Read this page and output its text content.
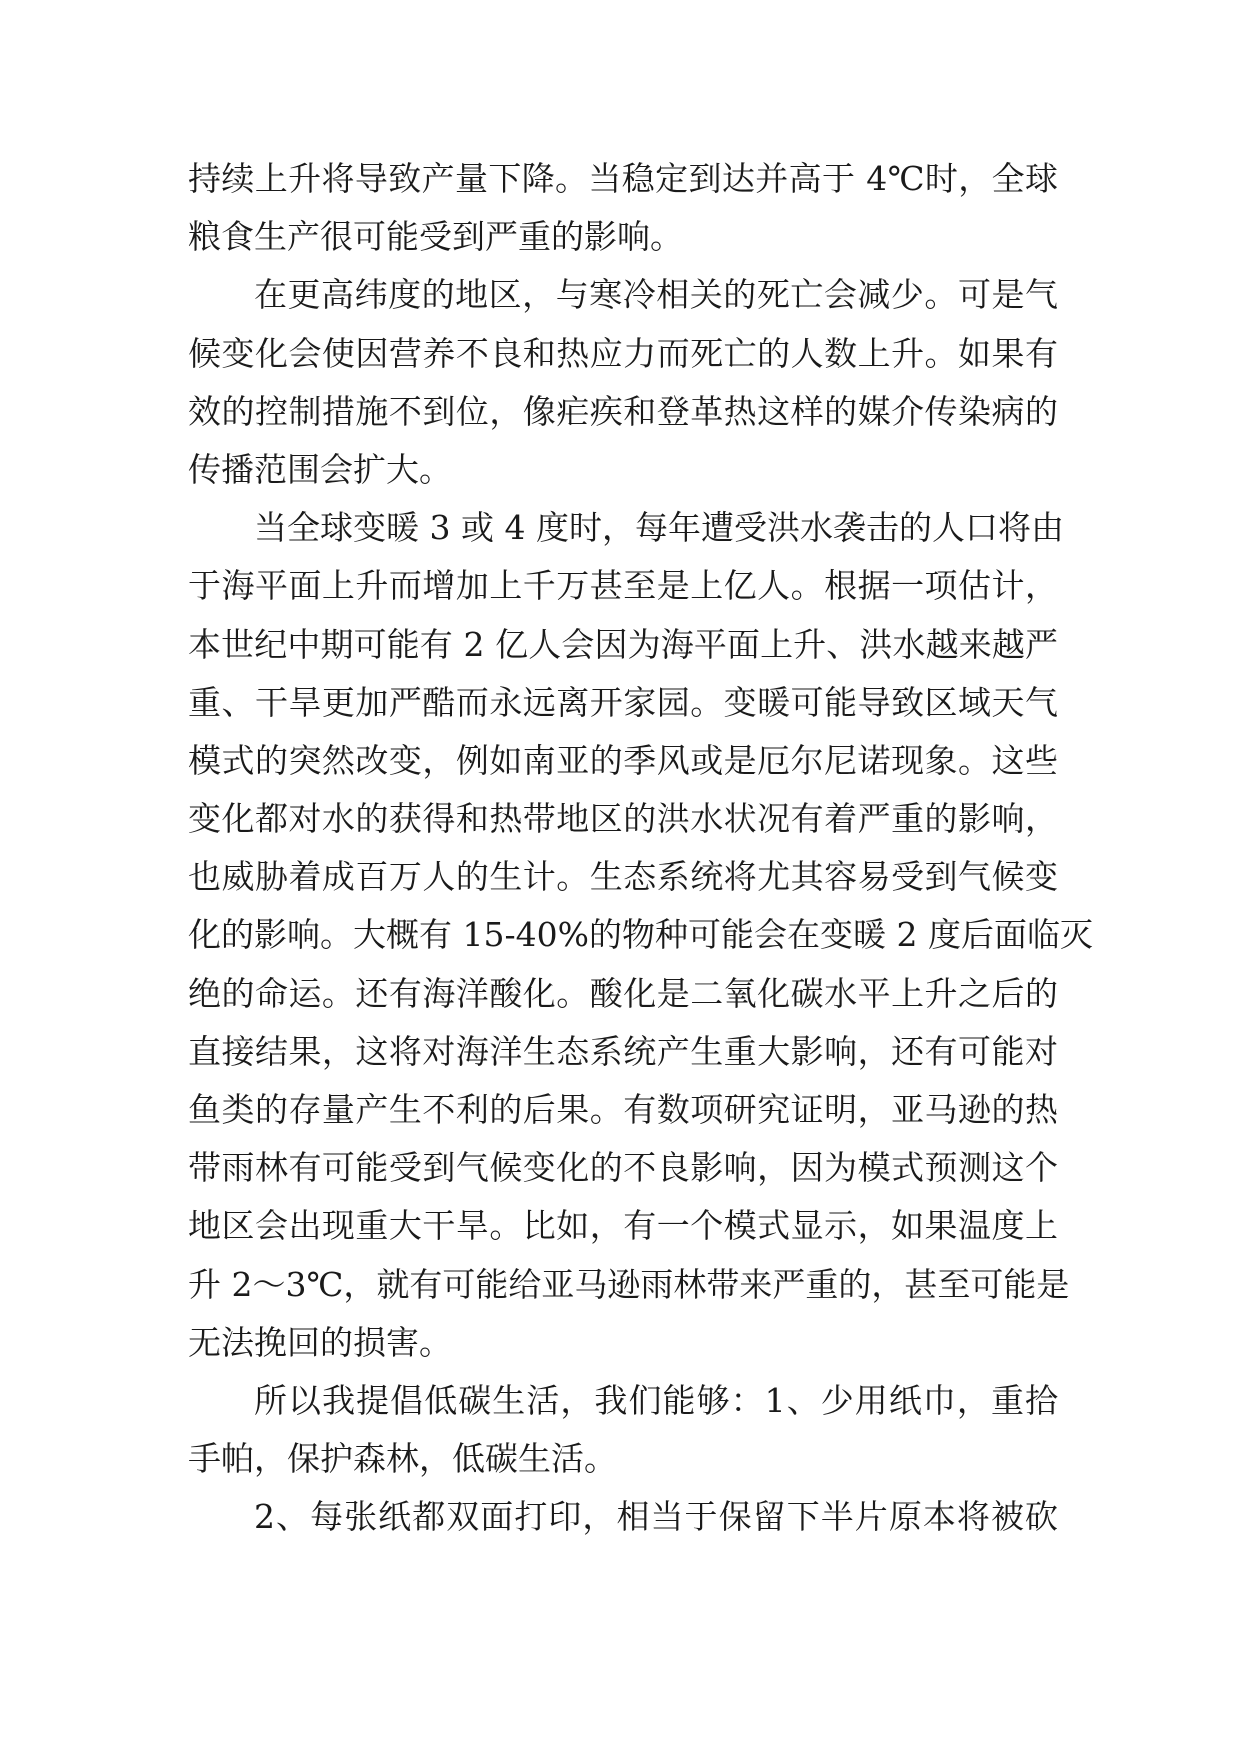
持续上升将导致产量下降。当稳定到达并高于 4℃时，全球
粮食生产很可能受到严重的影响。
在更高纬度的地区，与寒冷相关的死亡会减少。可是气
候变化会使因营养不良和热应力而死亡的人数上升。如果有
效的控制措施不到位，像疟疾和登革热这样的媒介传染病的
传播范围会扩大。
当全球变暖 3 或 4 度时，每年遭受洪水袭击的人口将由
于海平面上升而增加上千万甚至是上亿人。根据一项估计，
本世纪中期可能有 2 亿人会因为海平面上升、洪水越来越严
重、干旱更加严酷而永远离开家园。变暖可能导致区域天气
模式的突然改变，例如南亚的季风或是厄尔尼诺现象。这些
变化都对水的获得和热带地区的洪水状况有着严重的影响，
也威胁着成百万人的生计。生态系统将尤其容易受到气候变
化的影响。大概有 15-40%的物种可能会在变暖 2 度后面临灭
绝的命运。还有海洋酸化。酸化是二氧化碳水平上升之后的
直接结果，这将对海洋生态系统产生重大影响，还有可能对
鱼类的存量产生不利的后果。有数项研究证明，亚马逊的热
带雨林有可能受到气候变化的不良影响，因为模式预测这个
地区会出现重大干旱。比如，有一个模式显示，如果温度上
升 2～3℃，就有可能给亚马逊雨林带来严重的，甚至可能是
无法挽回的损害。
所以我提倡低碳生活，我们能够：1、少用纸巾，重拾
手帕，保护森林，低碳生活。
2、每张纸都双面打印，相当于保留下半片原本将被砍
